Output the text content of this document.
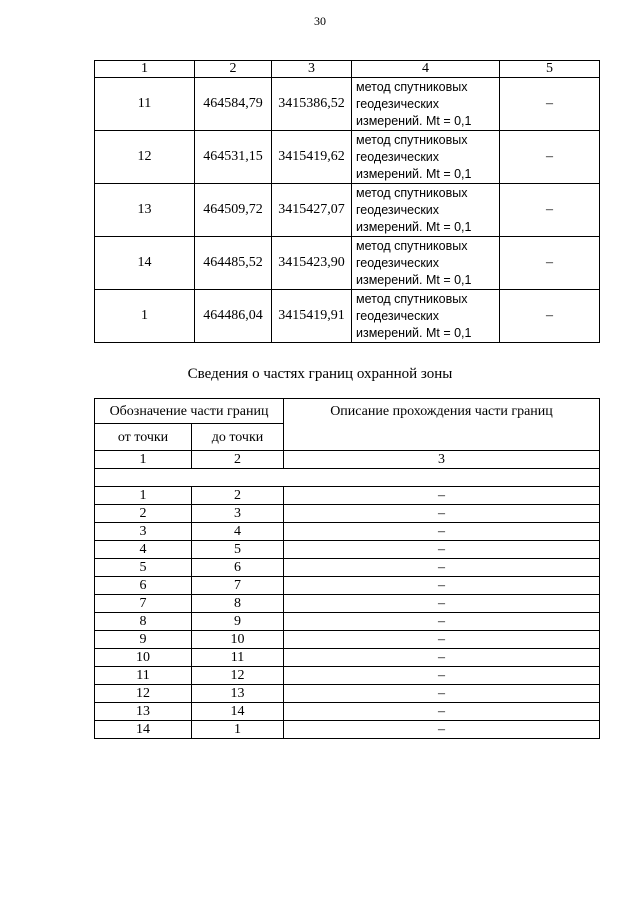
30
1	2	3	4	5
11	464584,79	3415386,52	метод спутниковых
геодезических
измерений. Mt = 0,1	–
12	464531,15	3415419,62	метод спутниковых
геодезических
измерений. Mt = 0,1	–
13	464509,72	3415427,07	метод спутниковых
геодезических
измерений. Mt = 0,1	–
14	464485,52	3415423,90	метод спутниковых
геодезических
измерений. Mt = 0,1	–
1	464486,04	3415419,91	метод спутниковых
геодезических
измерений. Mt = 0,1	–
Сведения о частях границ охранной зоны
Обозначение части границ		Описание прохождения части границ
от точки	до точки	
1	2	3

1	2	–
2	3	–
3	4	–
4	5	–
5	6	–
6	7	–
7	8	–
8	9	–
9	10	–
10	11	–
11	12	–
12	13	–
13	14	–
14	1	–
